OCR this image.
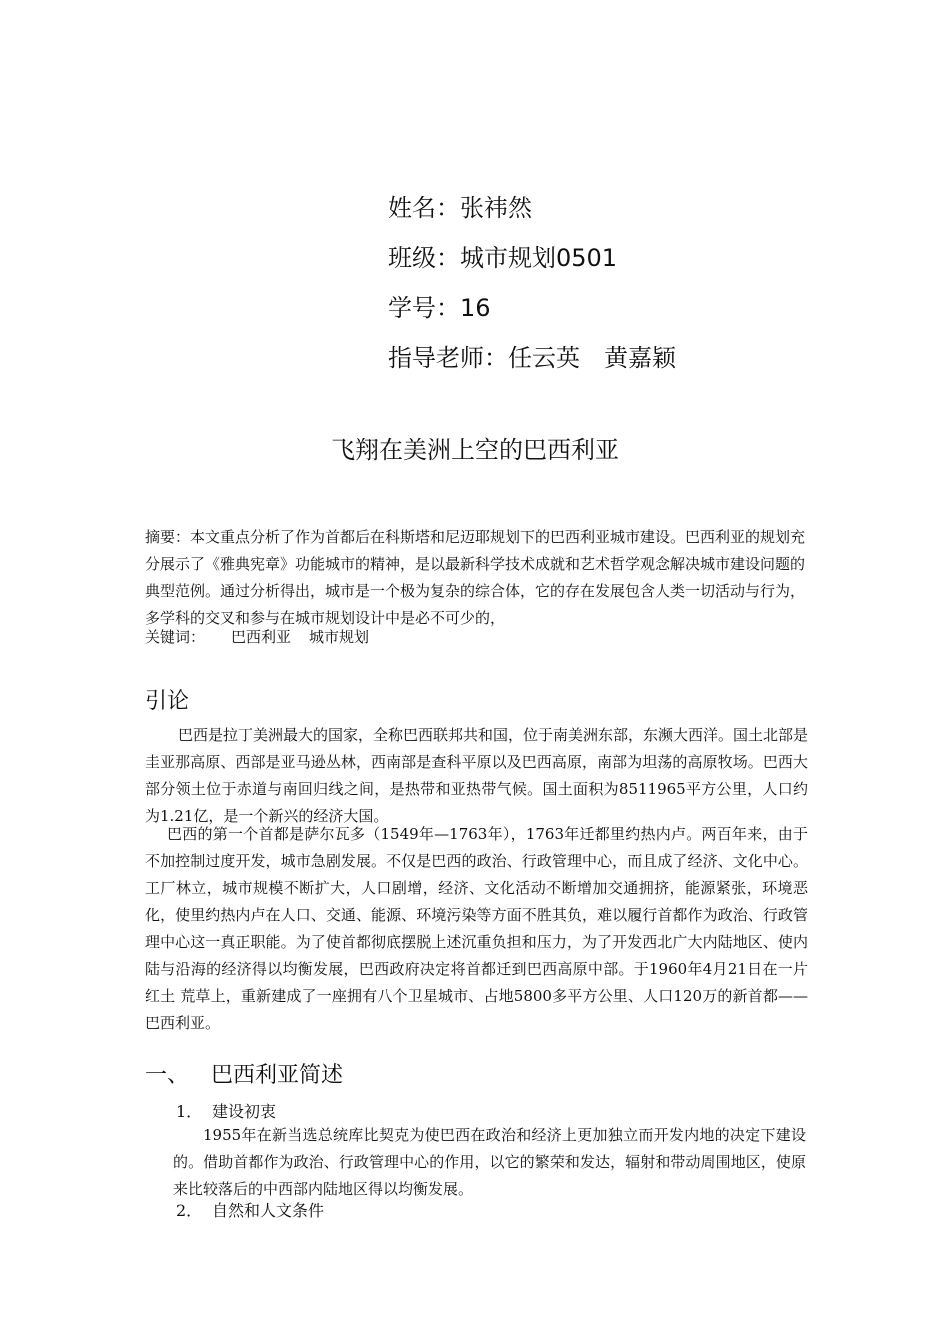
姓名：张祎然
班级：城市规划0501
学号：16
指导老师：任云英　黄嘉颖
飞翔在美洲上空的巴西利亚
摘要：本文重点分析了作为首都后在科斯塔和尼迈耶规划下的巴西利亚城市建设。巴西利亚的规划充分展示了《雅典宪章》功能城市的精神，是以最新科学技术成就和艺术哲学观念解决城市建设问题的典型范例。通过分析得出，城市是一个极为复杂的综合体，它的存在发展包含人类一切活动与行为，多学科的交叉和参与在城市规划设计中是必不可少的，
关键词： 巴西利亚 城市规划
引论
巴西是拉丁美洲最大的国家，全称巴西联邦共和国，位于南美洲东部，东濒大西洋。国土北部是圭亚那高原、西部是亚马逊丛林，西南部是查科平原以及巴西高原，南部为坦荡的高原牧场。巴西大部分领土位于赤道与南回归线之间，是热带和亚热带气候。国土面积为8511965平方公里，人口约为1.21亿，是一个新兴的经济大国。
巴西的第一个首都是萨尔瓦多（1549年—1763年），1763年迁都里约热内卢。两百年来，由于不加控制过度开发，城市急剧发展。不仅是巴西的政治、行政管理中心，而且成了经济、文化中心。工厂林立，城市规模不断扩大，人口剧增，经济、文化活动不断增加交通拥挤，能源紧张，环境恶化，使里约热内卢在人口、交通、能源、环境污染等方面不胜其负，难以履行首都作为政治、行政管理中心这一真正职能。为了使首都彻底摆脱上述沉重负担和压力，为了开发西北广大内陆地区、使内陆与沿海的经济得以均衡发展，巴西政府决定将首都迁到巴西高原中部。于1960年4月21日在一片红土 荒草上，重新建成了一座拥有八个卫星城市、占地5800多平方公里、人口120万的新首都——巴西利亚。
一、 巴西利亚简述
1． 建设初衷
1955年在新当选总统库比契克为使巴西在政治和经济上更加独立而开发内地的决定下建设的。借助首都作为政治、行政管理中心的作用，以它的繁荣和发达，辐射和带动周围地区，使原来比较落后的中西部内陆地区得以均衡发展。
2． 自然和人文条件
